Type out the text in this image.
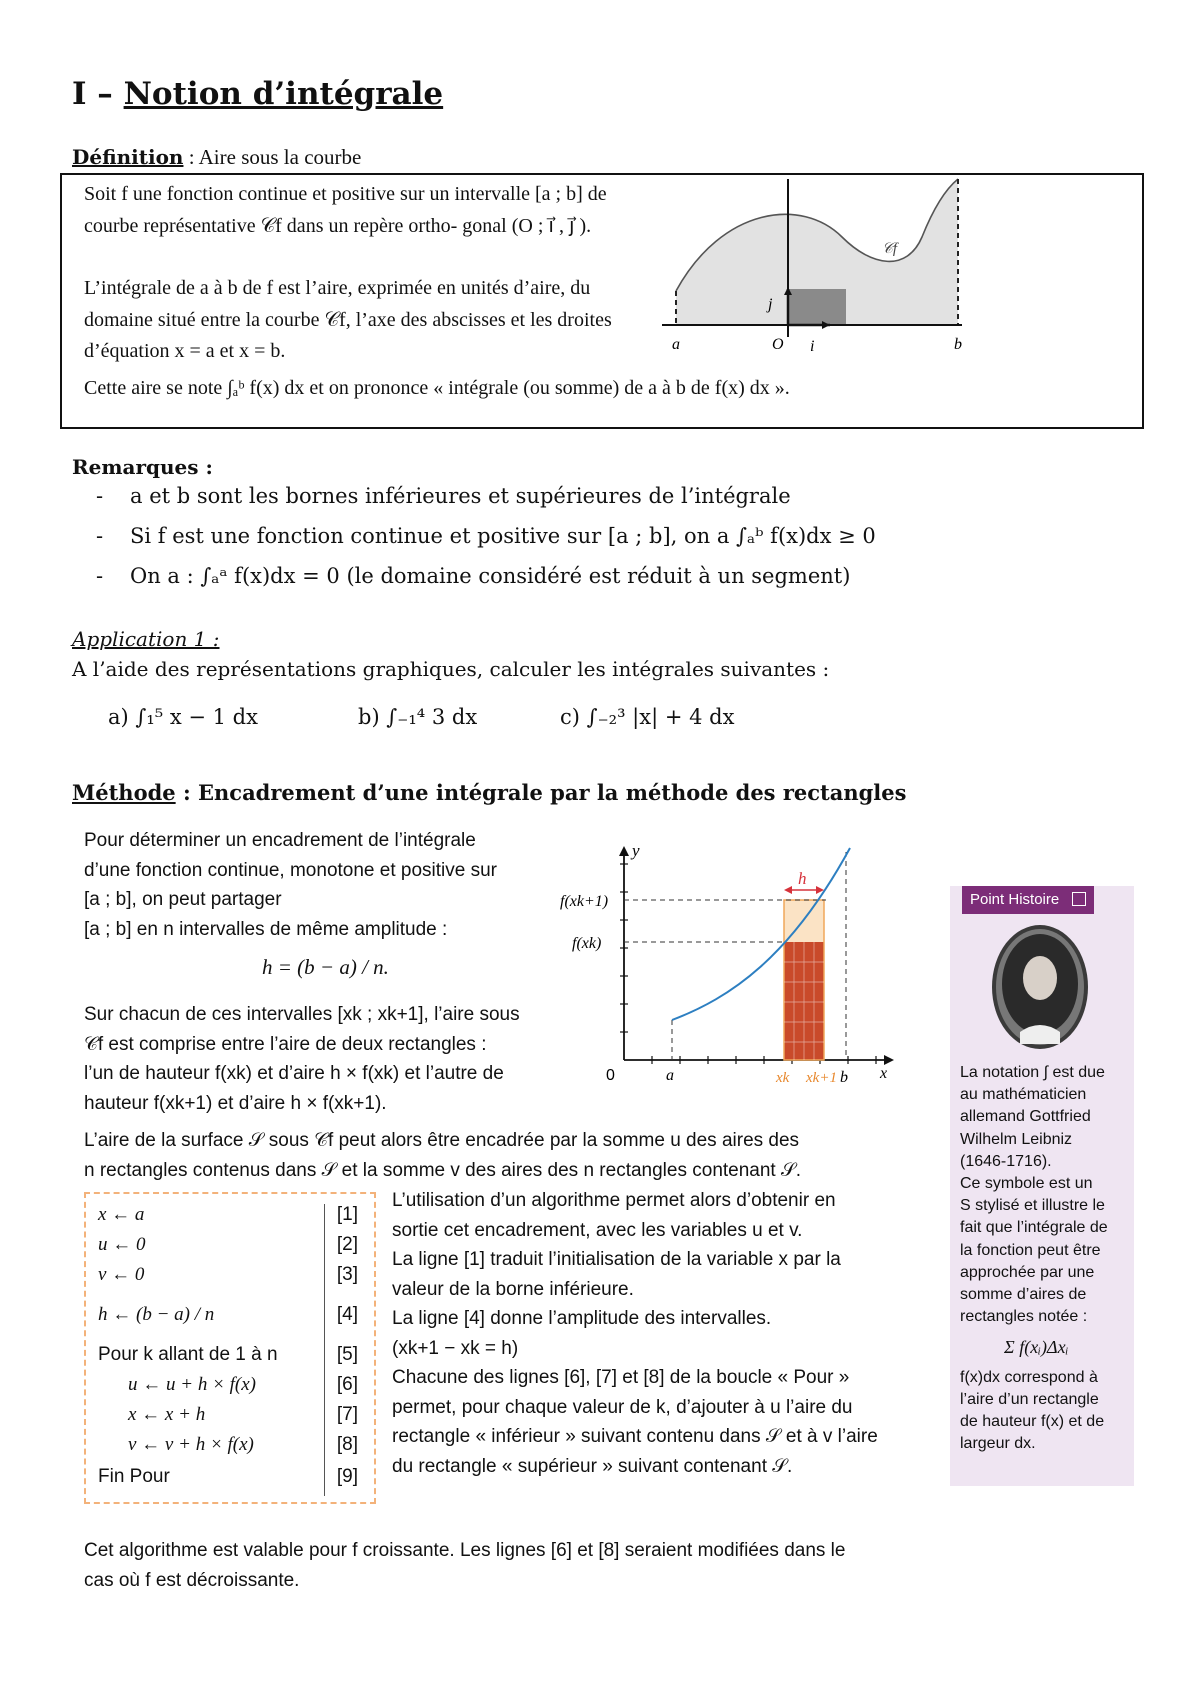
I – Notion d’intégrale
Définition : Aire sous la courbe
Soit f une fonction continue et positive sur un intervalle [a ; b] de courbe représentative 𝒞f dans un repère ortho- gonal (O ; i⃗ , j⃗ ).
L’intégrale de a à b de f est l’aire, exprimée en unités d’aire, du domaine situé entre la courbe 𝒞f, l’axe des abscisses et les droites d’équation x = a et x = b.
Cette aire se note ∫ₐᵇ f(x) dx et on prononce « intégrale (ou somme) de a à b de f(x) dx ».
𝒞f
a	O i⃗
j⃗
b
Remarques :
- a et b sont les bornes inférieures et supérieures de l’intégrale
- Si f est une fonction continue et positive sur [a ; b], on a ∫ₐᵇ f(x)dx ≥ 0
- On a : ∫ₐᵃ f(x)dx = 0 (le domaine considéré est réduit à un segment)
Application 1 :
A l’aide des représentations graphiques, calculer les intégrales suivantes :
a) ∫₁⁵ x − 1 dx	b) ∫₋₁⁴ 3 dx	c) ∫₋₂³ |x| + 4 dx
Méthode : Encadrement d’une intégrale par la méthode des rectangles
Pour déterminer un encadrement de l’intégrale
d’une fonction continue, monotone et positive sur
[a ; b], on peut partager
[a ; b] en n intervalles de même amplitude :
h = (b − a) / n.
Sur chacun de ces intervalles [xk ; xk+1], l’aire sous
𝒞f est comprise entre l’aire de deux rectangles :
l’un de hauteur f(xk) et d’aire h × f(xk) et l’autre de
hauteur f(xk+1) et d’aire h × f(xk+1).
L’aire de la surface 𝒮 sous 𝒞f peut alors être encadrée par la somme u des aires des
n rectangles contenus dans 𝒮 et la somme v des aires des n rectangles contenant 𝒮.
h
y
f(xk+1)
f(xk)
0	a	xk xk+1 b x
x ← a	[1]
u ← 0	[2]
v ← 0	[3]
h ← (b − a) / n	[4]
Pour k allant de 1 à n	[5]
u ← u + h × f(x)	[6]
x ← x + h	[7]
v ← v + h × f(x)	[8]
Fin Pour	[9]
L’utilisation d’un algorithme permet alors d’obtenir en
sortie cet encadrement, avec les variables u et v.
La ligne [1] traduit l’initialisation de la variable x par la
valeur de la borne inférieure.
La ligne [4] donne l’amplitude des intervalles.
(xk+1 − xk = h)
Chacune des lignes [6], [7] et [8] de la boucle « Pour »
permet, pour chaque valeur de k, d’ajouter à u l’aire du
rectangle « inférieur » suivant contenu dans 𝒮 et à v l’aire
du rectangle « supérieur » suivant contenant 𝒮.
Cet algorithme est valable pour f croissante. Les lignes [6] et [8] seraient modifiées dans le
cas où f est décroissante.
Point Histoire
La notation ∫ est due
au mathématicien
allemand Gottfried
Wilhelm Leibniz
(1646-1716).
Ce symbole est un
S stylisé et illustre le
fait que l’intégrale de
la fonction peut être
approchée par une
somme d’aires de
rectangles notée :
Σ f(xᵢ)Δxᵢ
f(x)dx correspond à
l’aire d’un rectangle
de hauteur f(x) et de
largeur dx.
